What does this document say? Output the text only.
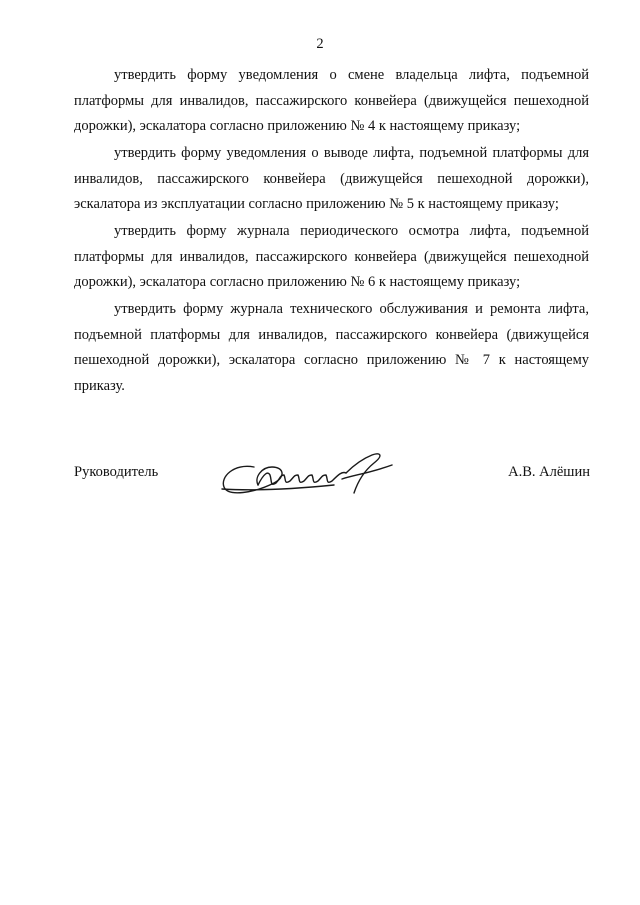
2

утвердить форму уведомления о смене владельца лифта, подъемной платформы для инвалидов, пассажирского конвейера (движущейся пешеходной дорожки), эскалатора согласно приложению № 4 к настоящему приказу;

утвердить форму уведомления о выводе лифта, подъемной платформы для инвалидов, пассажирского конвейера (движущейся пешеходной дорожки), эскалатора из эксплуатации согласно приложению № 5 к настоящему приказу;

утвердить форму журнала периодического осмотра лифта, подъемной платформы для инвалидов, пассажирского конвейера (движущейся пешеходной дорожки), эскалатора согласно приложению № 6 к настоящему приказу;

утвердить форму журнала технического обслуживания и ремонта лифта, подъемной платформы для инвалидов, пассажирского конвейера (движущейся пешеходной дорожки), эскалатора согласно приложению № 7 к настоящему приказу.

Руководитель	А.В. Алёшин
